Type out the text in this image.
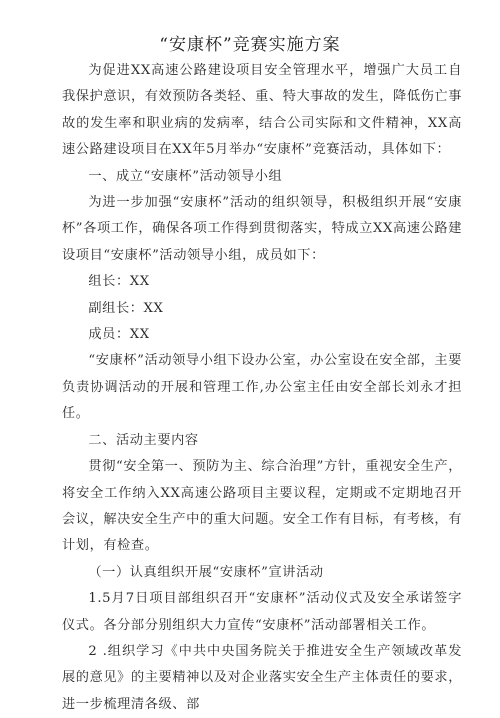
“安康杯”竞赛实施方案

为促进XX高速公路建设项目安全管理水平，增强广大员工自我保护意识，有效预防各类轻、重、特大事故的发生，降低伤亡事故的发生率和职业病的发病率，结合公司实际和文件精神，XX高速公路建设项目在XX年5月举办“安康杯”竞赛活动，具体如下：

一、成立“安康杯”活动领导小组

为进一步加强“安康杯”活动的组织领导，积极组织开展“安康杯”各项工作，确保各项工作得到贯彻落实，特成立XX高速公路建设项目“安康杯”活动领导小组，成员如下：

组长：XX

副组长：XX

成员：XX

“安康杯”活动领导小组下设办公室，办公室设在安全部，主要负责协调活动的开展和管理工作,办公室主任由安全部长刘永才担任。

二、活动主要内容

贯彻“安全第一、预防为主、综合治理”方针，重视安全生产，将安全工作纳入XX高速公路项目主要议程，定期或不定期地召开会议，解决安全生产中的重大问题。安全工作有目标，有考核，有计划，有检查。

（一）认真组织开展“安康杯”宣讲活动

1.5月7日项目部组织召开“安康杯”活动仪式及安全承诺签字仪式。各分部分别组织大力宣传“安康杯”活动部署相关工作。

2 .组织学习《中共中央国务院关于推进安全生产领域改革发展的意见》的主要精神以及对企业落实安全生产主体责任的要求，进一步梳理清各级、部
